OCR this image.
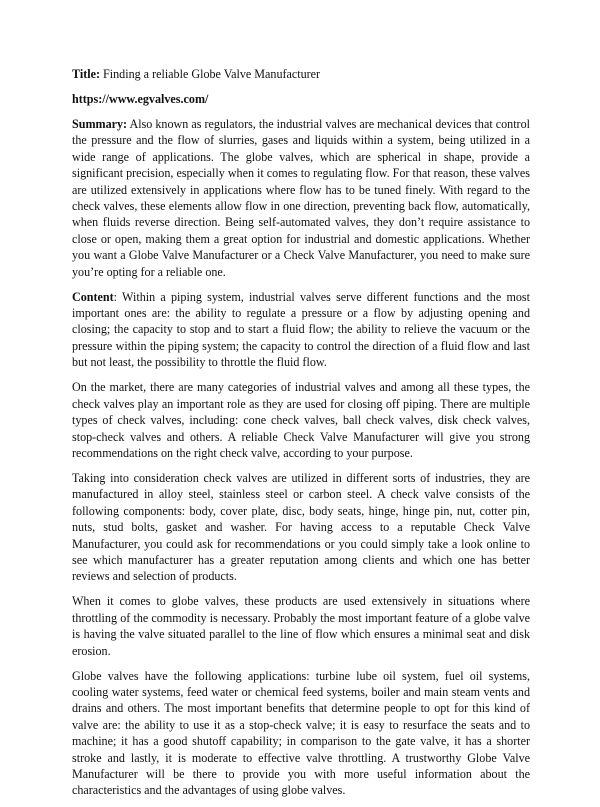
Title: Finding a reliable Globe Valve Manufacturer

https://www.egvalves.com/

Summary: Also known as regulators, the industrial valves are mechanical devices that control the pressure and the flow of slurries, gases and liquids within a system, being utilized in a wide range of applications. The globe valves, which are spherical in shape, provide a significant precision, especially when it comes to regulating flow. For that reason, these valves are utilized extensively in applications where flow has to be tuned finely. With regard to the check valves, these elements allow flow in one direction, preventing back flow, automatically, when fluids reverse direction. Being self-automated valves, they don’t require assistance to close or open, making them a great option for industrial and domestic applications. Whether you want a Globe Valve Manufacturer or a Check Valve Manufacturer, you need to make sure you’re opting for a reliable one.

Content: Within a piping system, industrial valves serve different functions and the most important ones are: the ability to regulate a pressure or a flow by adjusting opening and closing; the capacity to stop and to start a fluid flow; the ability to relieve the vacuum or the pressure within the piping system; the capacity to control the direction of a fluid flow and last but not least, the possibility to throttle the fluid flow.

On the market, there are many categories of industrial valves and among all these types, the check valves play an important role as they are used for closing off piping. There are multiple types of check valves, including: cone check valves, ball check valves, disk check valves, stop-check valves and others. A reliable Check Valve Manufacturer will give you strong recommendations on the right check valve, according to your purpose.

Taking into consideration check valves are utilized in different sorts of industries, they are manufactured in alloy steel, stainless steel or carbon steel. A check valve consists of the following components: body, cover plate, disc, body seats, hinge, hinge pin, nut, cotter pin, nuts, stud bolts, gasket and washer. For having access to a reputable Check Valve Manufacturer, you could ask for recommendations or you could simply take a look online to see which manufacturer has a greater reputation among clients and which one has better reviews and selection of products.

When it comes to globe valves, these products are used extensively in situations where throttling of the commodity is necessary. Probably the most important feature of a globe valve is having the valve situated parallel to the line of flow which ensures a minimal seat and disk erosion.

Globe valves have the following applications: turbine lube oil system, fuel oil systems, cooling water systems, feed water or chemical feed systems, boiler and main steam vents and drains and others. The most important benefits that determine people to opt for this kind of valve are: the ability to use it as a stop-check valve; it is easy to resurface the seats and to machine; it has a good shutoff capability; in comparison to the gate valve, it has a shorter stroke and lastly, it is moderate to effective valve throttling. A trustworthy Globe Valve Manufacturer will be there to provide you with more useful information about the characteristics and the advantages of using globe valves.
